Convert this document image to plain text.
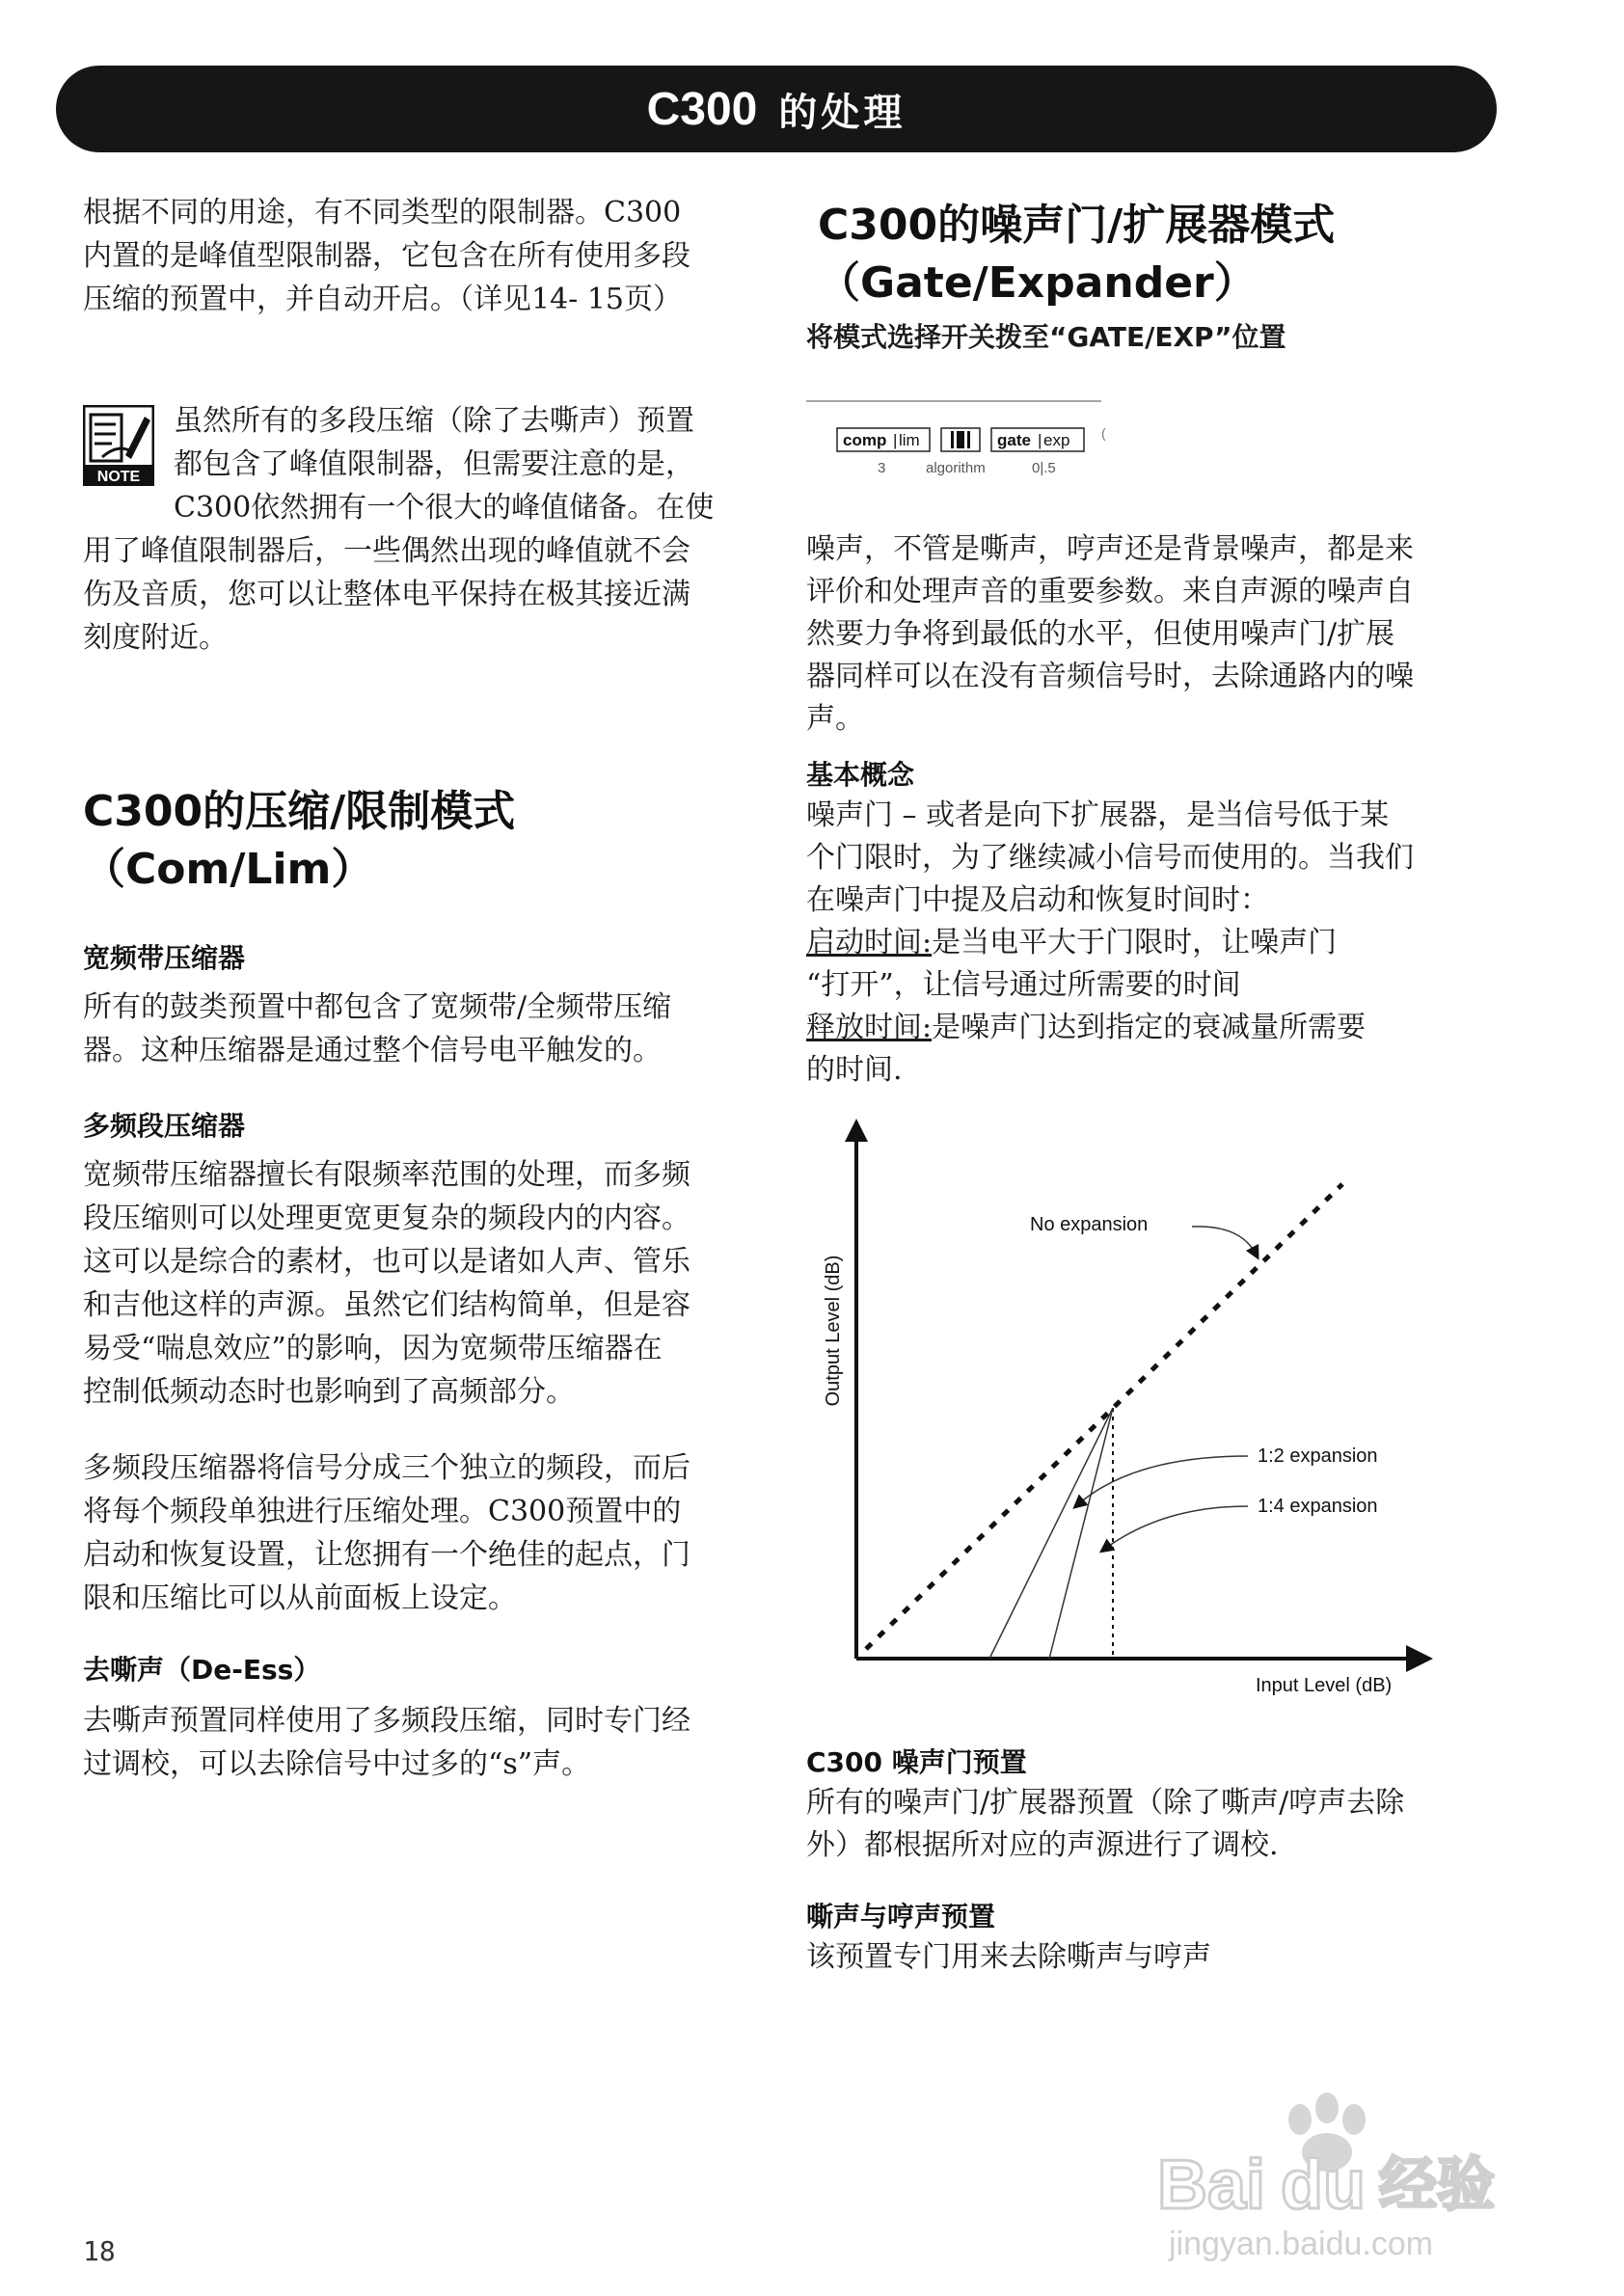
C300 的处理

根据不同的用途，有不同类型的限制器。C300
内置的是峰值型限制器，它包含在所有使用多段
压缩的预置中，并自动开启。（详见14- 15页）

NOTE

虽然所有的多段压缩（除了去嘶声）预置
都包含了峰值限制器，但需要注意的是，
C300依然拥有一个很大的峰值储备。在使

用了峰值限制器后，一些偶然出现的峰值就不会
伤及音质，您可以让整体电平保持在极其接近满
刻度附近。

C300的压缩/限制模式
（Com/Lim）
宽频带压缩器

所有的鼓类预置中都包含了宽频带/全频带压缩
器。这种压缩器是通过整个信号电平触发的。

多频段压缩器

宽频带压缩器擅长有限频率范围的处理，而多频
段压缩则可以处理更宽更复杂的频段内的内容。
这可以是综合的素材，也可以是诸如人声、管乐
和吉他这样的声源。虽然它们结构简单，但是容
易受“喘息效应”的影响，因为宽频带压缩器在
控制低频动态时也影响到了高频部分。

多频段压缩器将信号分成三个独立的频段，而后
将每个频段单独进行压缩处理。C300预置中的
启动和恢复设置，让您拥有一个绝佳的起点，门
限和压缩比可以从前面板上设定。

去嘶声（De-Ess）

去嘶声预置同样使用了多频段压缩，同时专门经
过调校，可以去除信号中过多的“s”声。

C300的噪声门/扩展器模式
（Gate/Expander）

将模式选择开关拨至“GATE/EXP”位置

comp | lim	gate | exp (
3	algorithm	0|.5

噪声，不管是嘶声，哼声还是背景噪声，都是来
评价和处理声音的重要参数。来自声源的噪声自
然要力争将到最低的水平，但使用噪声门/扩展
器同样可以在没有音频信号时，去除通路内的噪
声。

基本概念

噪声门 – 或者是向下扩展器，是当信号低于某
个门限时，为了继续减小信号而使用的。当我们
在噪声门中提及启动和恢复时间时：

启动时间:是当电平大于门限时，让噪声门
“打开”，让信号通过所需要的时间
释放时间:是噪声门达到指定的衰减量所需要
的时间.

No expansion
1:2 expansion
1:4 expansion
Output Level (dB)
Input Level (dB)
C300 噪声门预置

所有的噪声门/扩展器预置（除了嘶声/哼声去除
外）都根据所对应的声源进行了调校.

嘶声与哼声预置

该预置专门用来去除嘶声与哼声

18
Bai du 经验
jingyan.baidu.com
